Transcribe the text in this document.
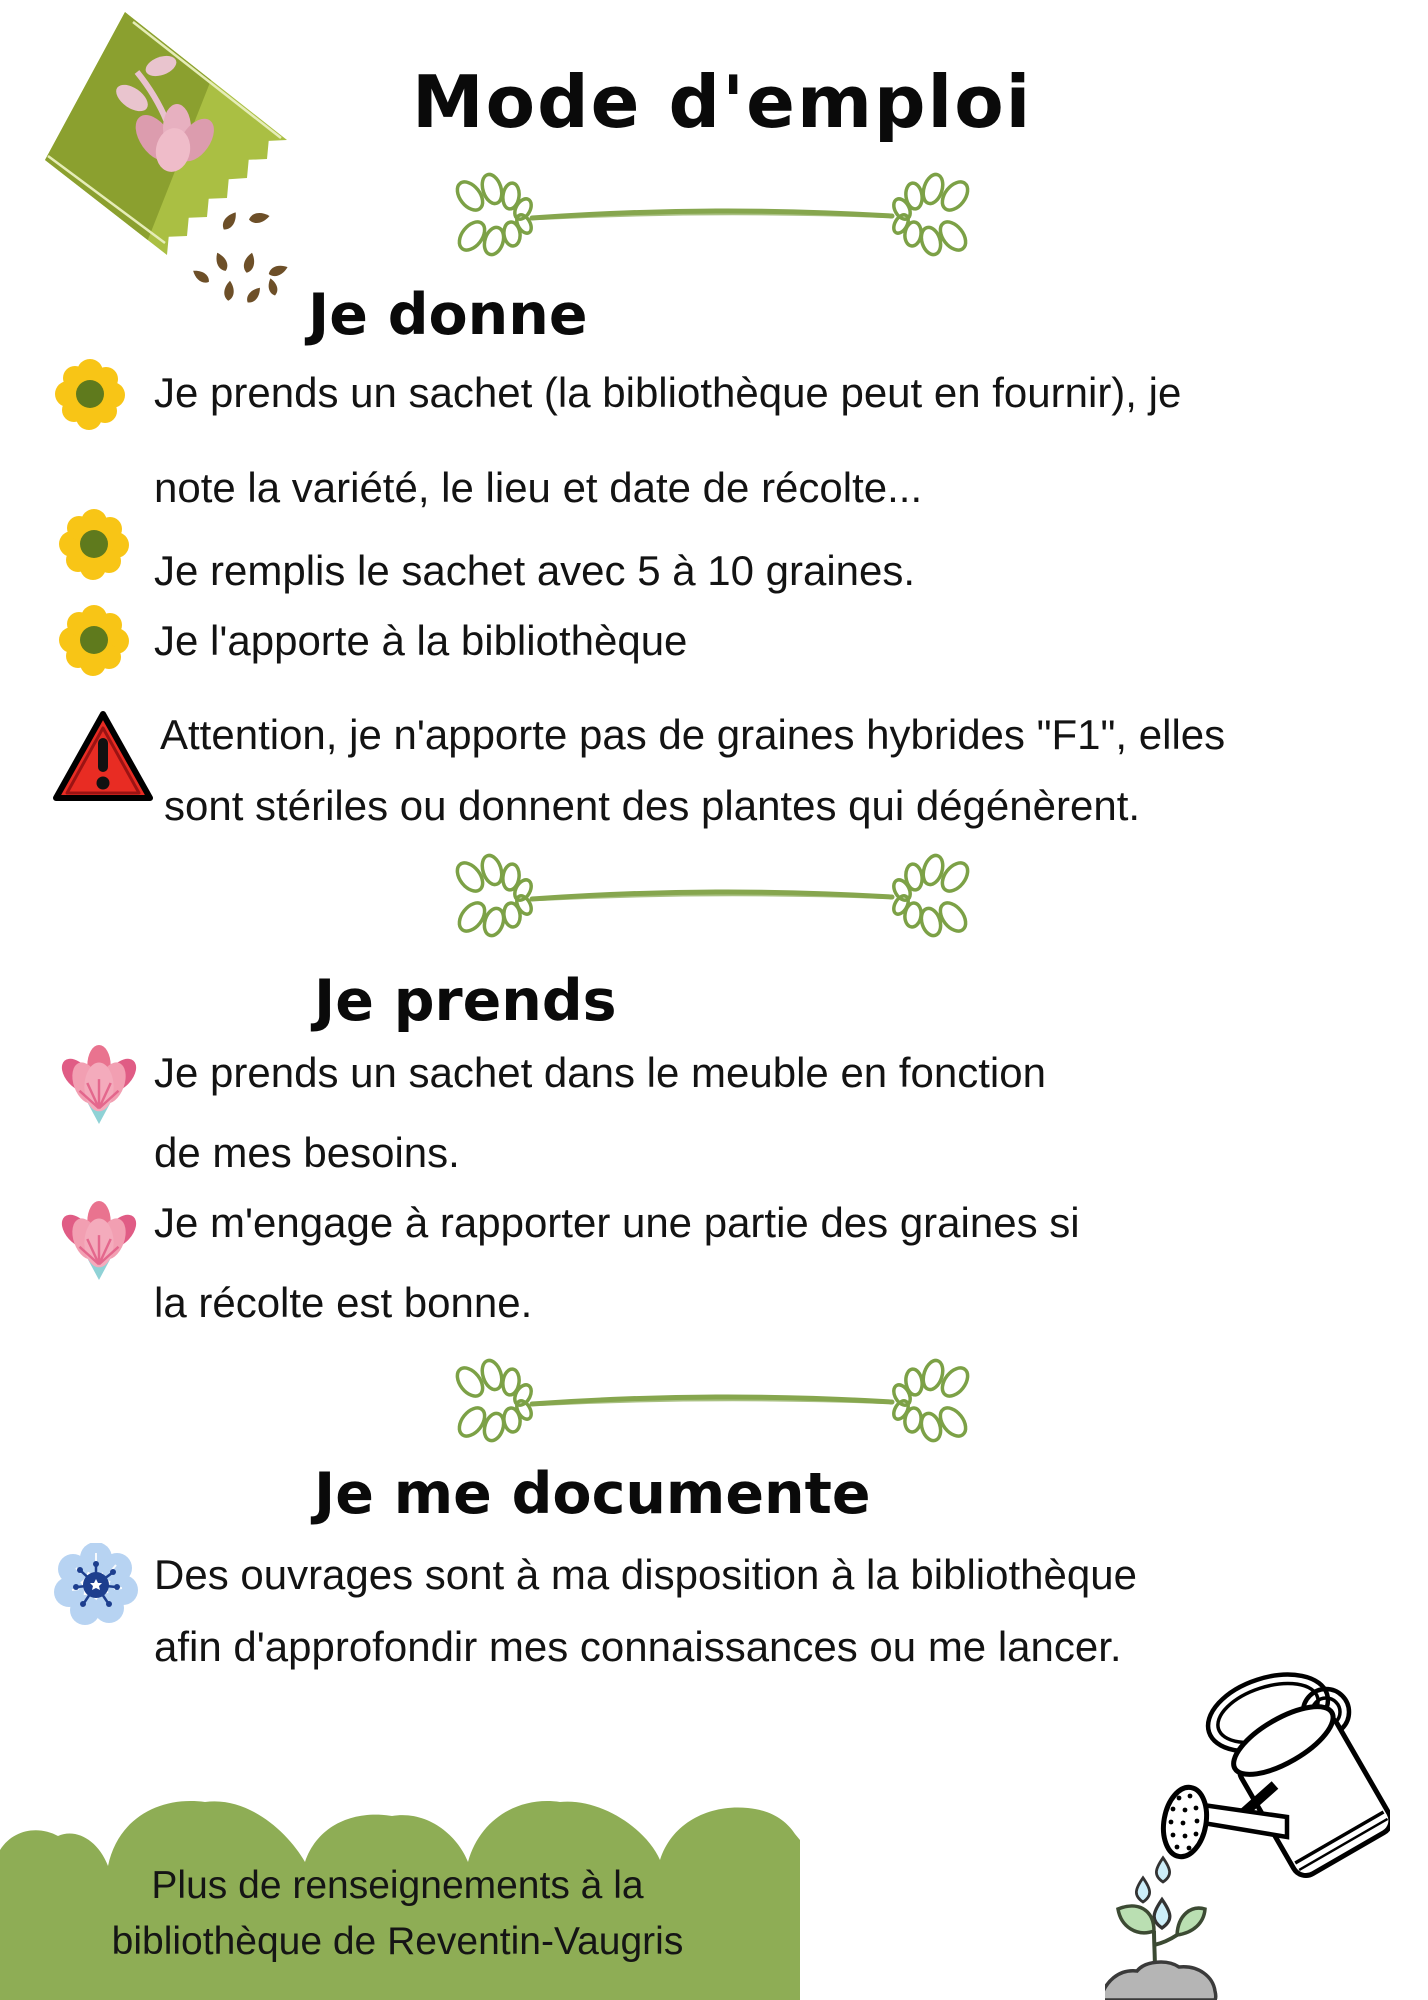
Mode d'emploi
Je donne
Je prends un sachet (la bibliothèque peut en fournir), je
note la variété, le lieu et date de récolte...
Je remplis le sachet avec 5 à 10 graines.
Je l'apporte à la bibliothèque
Attention, je n'apporte pas de graines hybrides "F1", elles
sont stériles ou donnent des plantes qui dégénèrent.
Je prends
Je prends un sachet dans le meuble en fonction
de mes besoins.
Je m'engage à rapporter une partie des graines si
la récolte est bonne.
Je me documente
Des ouvrages sont à ma disposition à la bibliothèque
afin d'approfondir mes connaissances ou me lancer.
Plus de renseignements à la
bibliothèque de Reventin-Vaugris
